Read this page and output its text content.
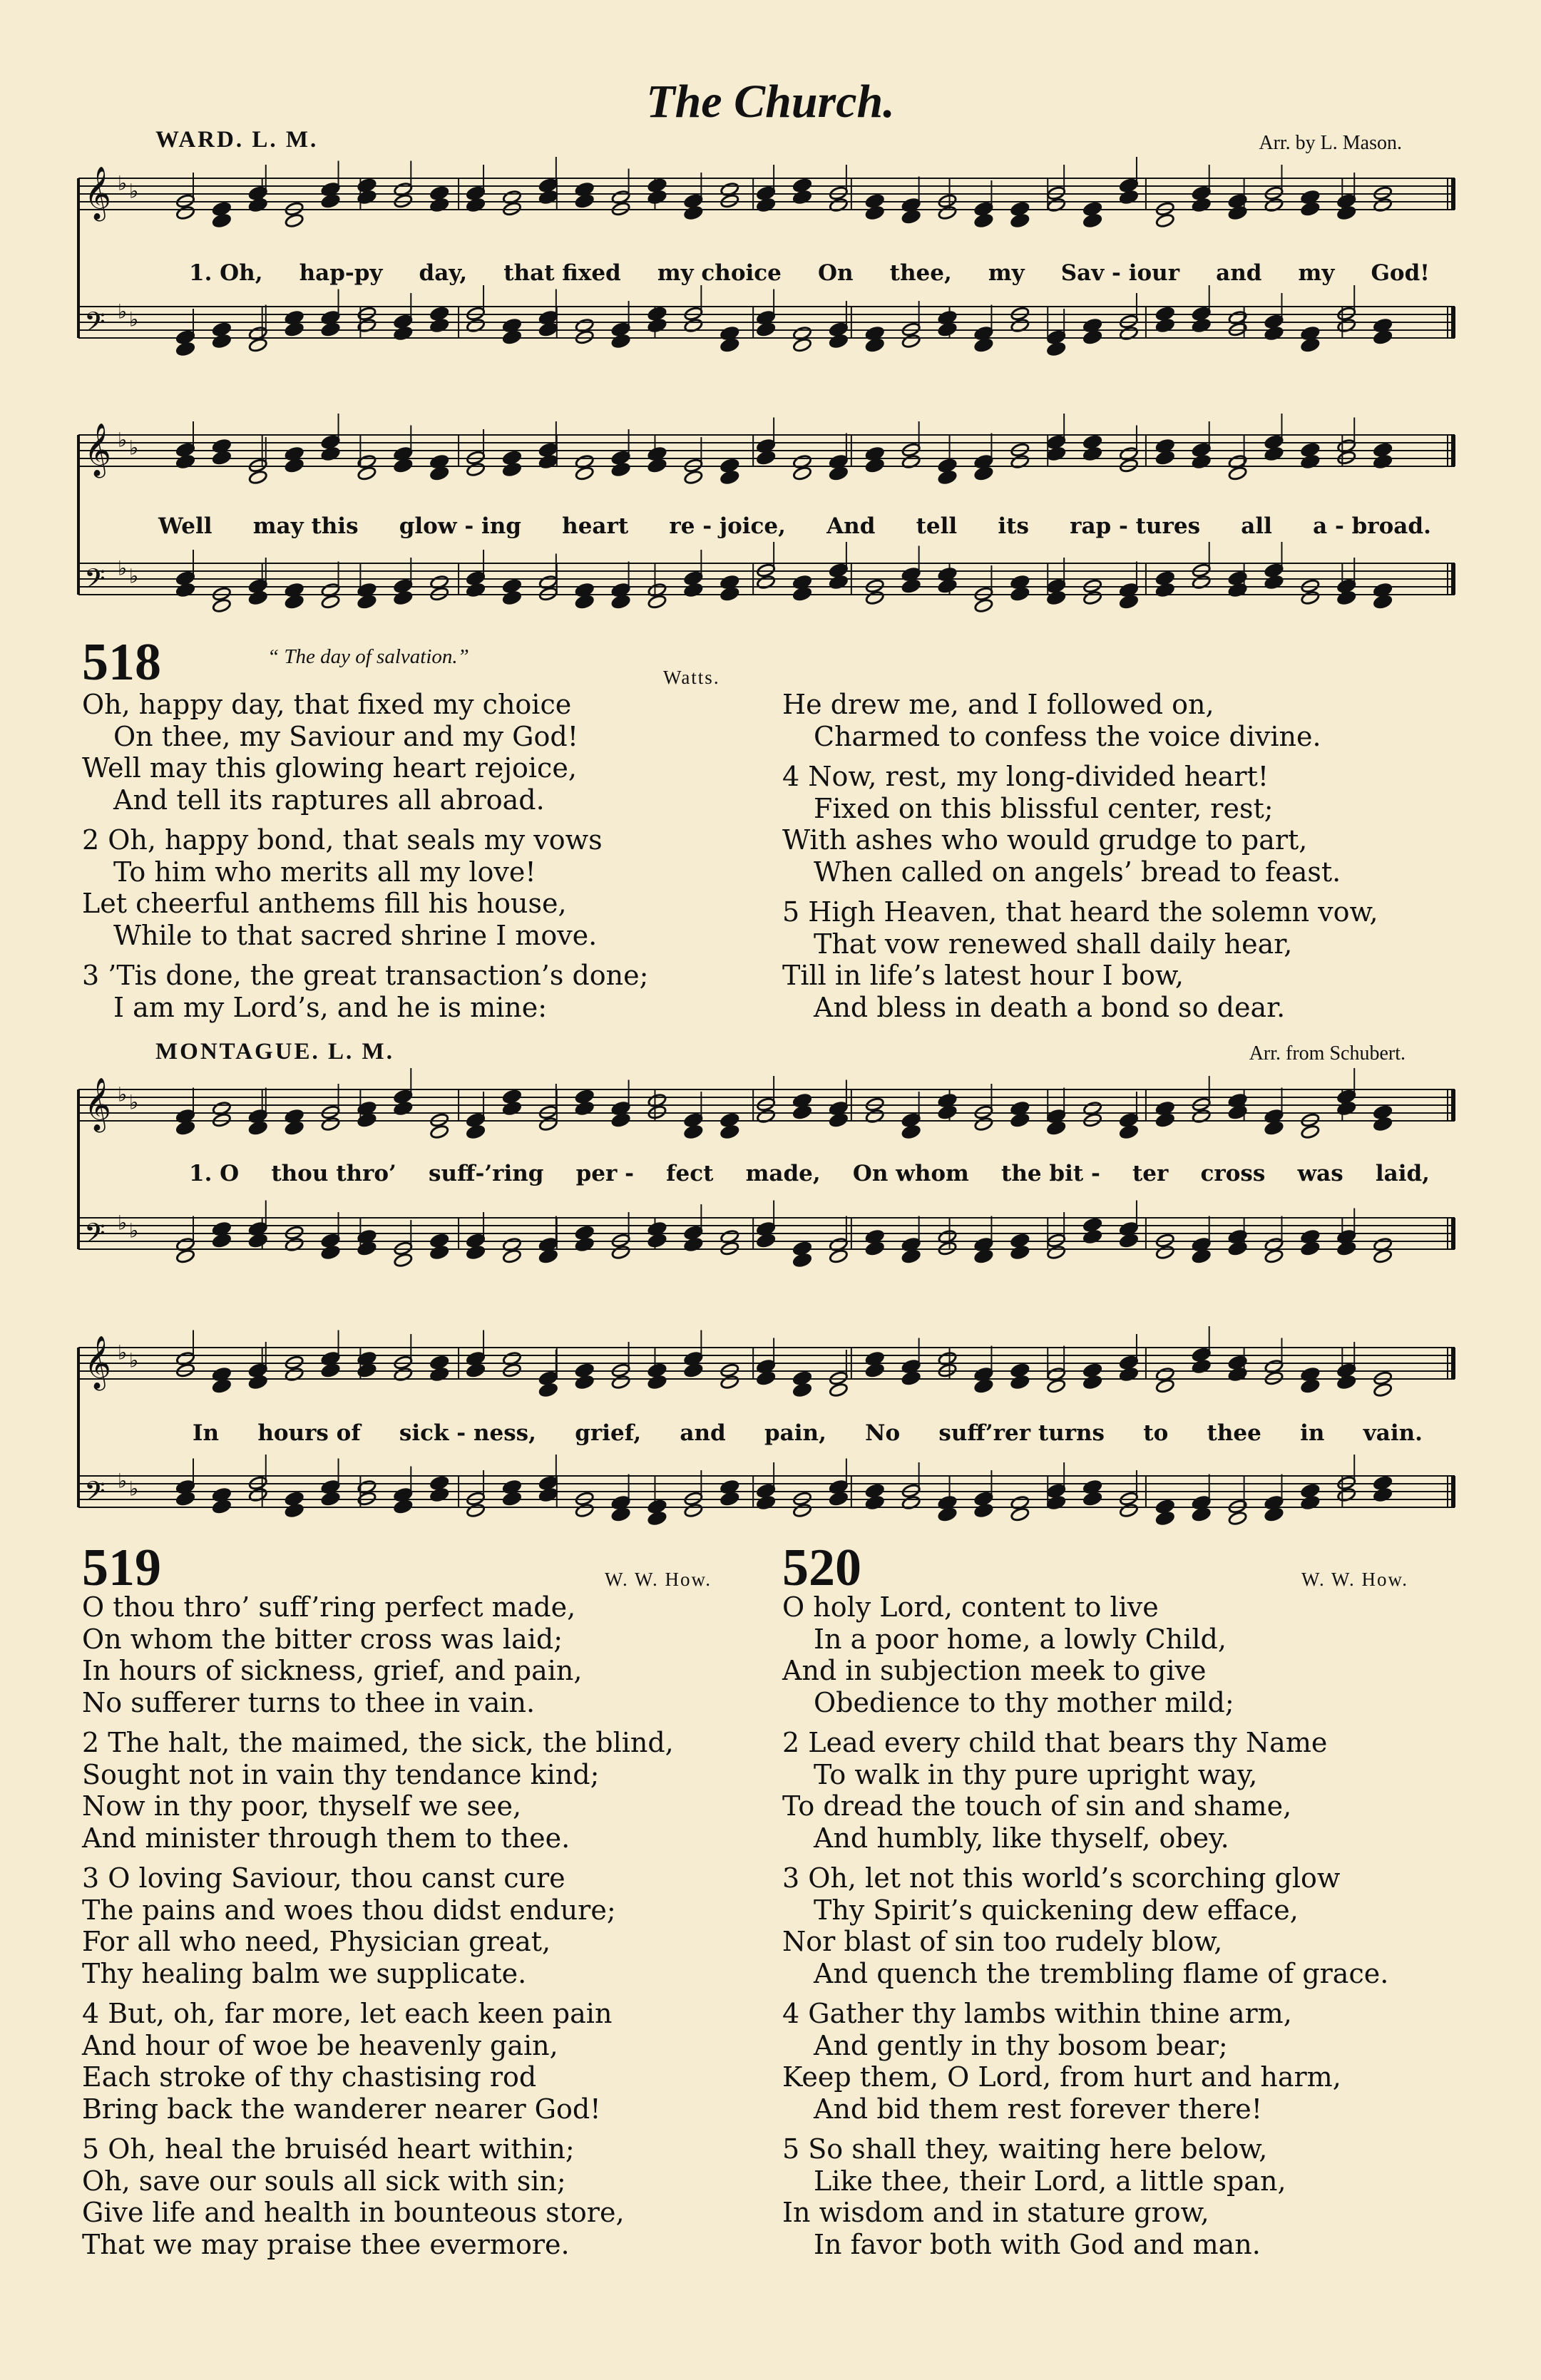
The Church.
WARD. L. M.	Arr. by L. Mason.
𝄞 ♭ ♭
𝄢 ♭ ♭
1. Oh, hap-py day, that fixed my choice On thee, my Sav - iour and my God!
𝄞 ♭ ♭
𝄢 ♭ ♭
Well may this glow - ing heart re - joice, And tell its rap - tures all a - broad.
518	“ The day of salvation.”
Watts.
Oh, happy day, that fixed my choice
On thee, my Saviour and my God!
Well may this glowing heart rejoice,
And tell its raptures all abroad.
2 Oh, happy bond, that seals my vows
To him who merits all my love!
Let cheerful anthems fill his house,
While to that sacred shrine I move.
3 ’Tis done, the great transaction’s done;
I am my Lord’s, and he is mine:
He drew me, and I followed on,
Charmed to confess the voice divine.
4 Now, rest, my long-divided heart!
Fixed on this blissful center, rest;
With ashes who would grudge to part,
When called on angels’ bread to feast.
5 High Heaven, that heard the solemn vow,
That vow renewed shall daily hear,
Till in life’s latest hour I bow,
And bless in death a bond so dear.
MONTAGUE. L. M.	Arr. from Schubert.
𝄞 ♭ ♭
𝄢 ♭ ♭
1. O thou thro’ suff-’ring per - fect made, On whom the bit - ter cross was laid,
𝄞 ♭ ♭
𝄢 ♭ ♭
In hours of sick - ness, grief, and pain, No suff’rer turns to thee in vain.
519	W. W. How.
O thou thro’ suff’ring perfect made,
On whom the bitter cross was laid;
In hours of sickness, grief, and pain,
No sufferer turns to thee in vain.
2 The halt, the maimed, the sick, the blind,
Sought not in vain thy tendance kind;
Now in thy poor, thyself we see,
And minister through them to thee.
3 O loving Saviour, thou canst cure
The pains and woes thou didst endure;
For all who need, Physician great,
Thy healing balm we supplicate.
4 But, oh, far more, let each keen pain
And hour of woe be heavenly gain,
Each stroke of thy chastising rod
Bring back the wanderer nearer God!
5 Oh, heal the bruiséd heart within;
Oh, save our souls all sick with sin;
Give life and health in bounteous store,
That we may praise thee evermore.
520	W. W. How.
O holy Lord, content to live
In a poor home, a lowly Child,
And in subjection meek to give
Obedience to thy mother mild;
2 Lead every child that bears thy Name
To walk in thy pure upright way,
To dread the touch of sin and shame,
And humbly, like thyself, obey.
3 Oh, let not this world’s scorching glow
Thy Spirit’s quickening dew efface,
Nor blast of sin too rudely blow,
And quench the trembling flame of grace.
4 Gather thy lambs within thine arm,
And gently in thy bosom bear;
Keep them, O Lord, from hurt and harm,
And bid them rest forever there!
5 So shall they, waiting here below,
Like thee, their Lord, a little span,
In wisdom and in stature grow,
In favor both with God and man.
